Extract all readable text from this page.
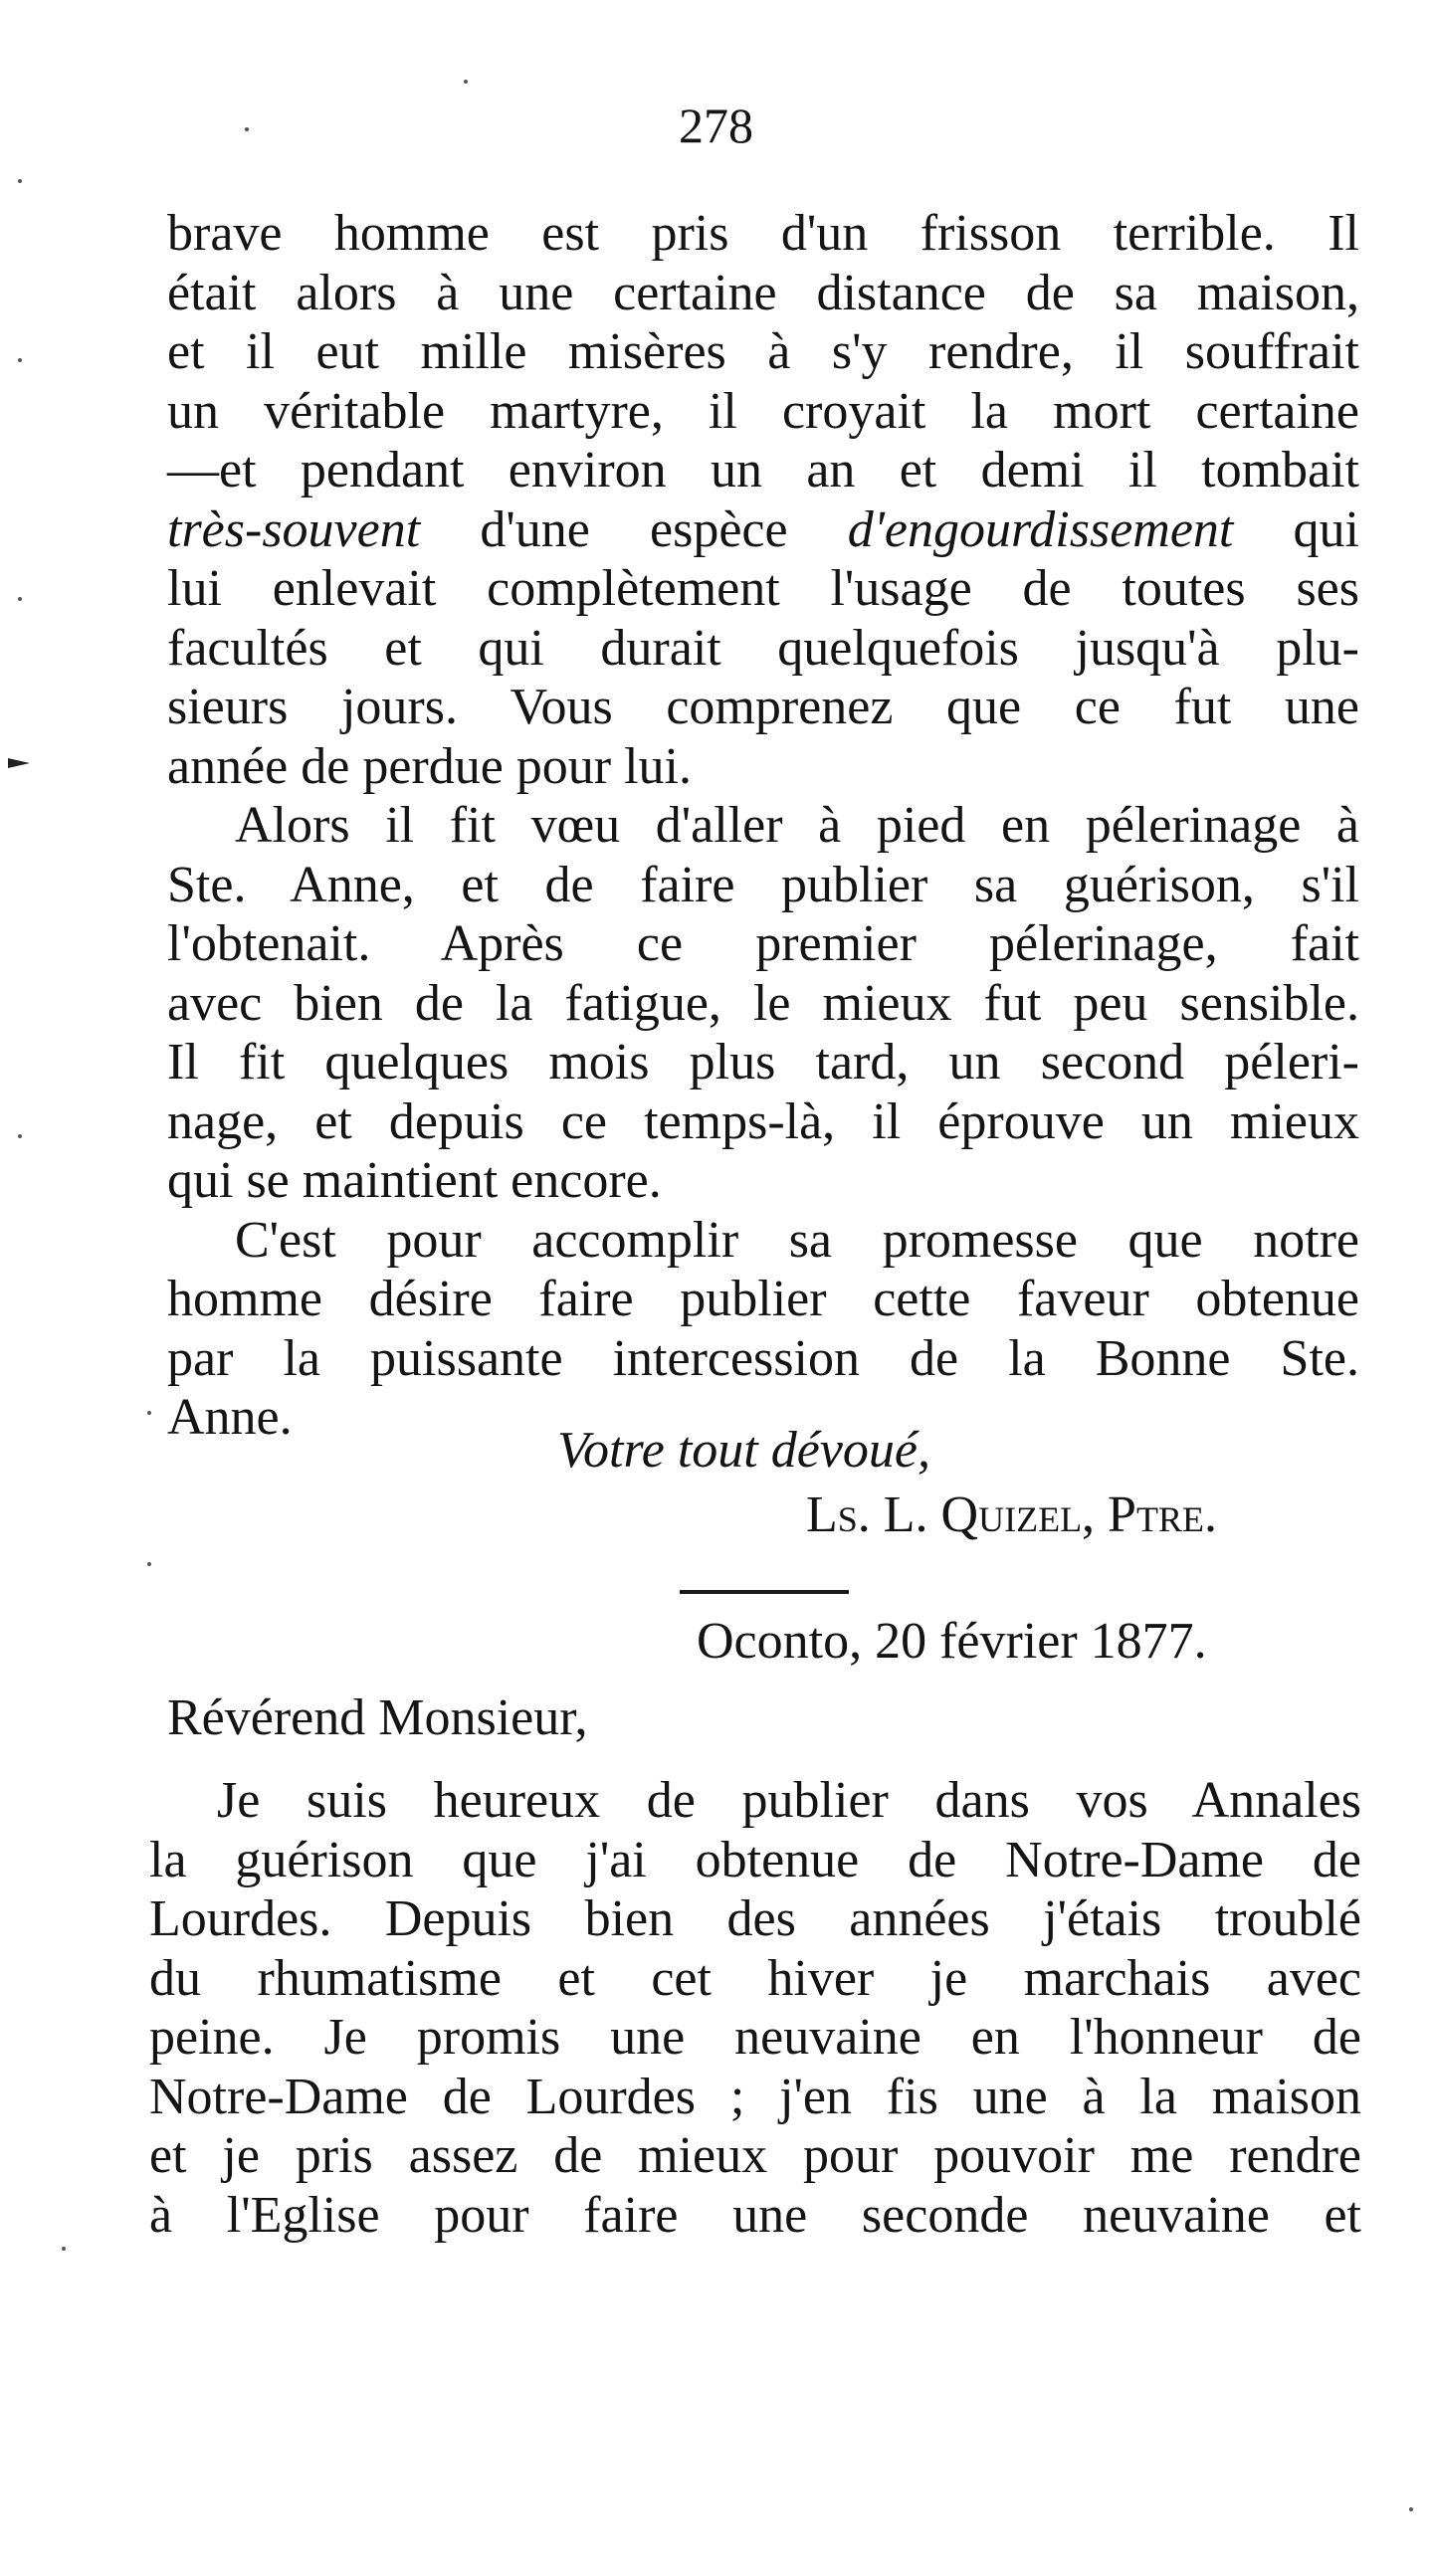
278
brave homme est pris d'un frisson terrible. Il
était alors à une certaine distance de sa maison,
et il eut mille misères à s'y rendre, il souffrait
un véritable martyre, il croyait la mort certaine
—et pendant environ un an et demi il tombait
très-souvent d'une espèce d'engourdissement qui
lui enlevait complètement l'usage de toutes ses
facultés et qui durait quelquefois jusqu'à plu-
sieurs jours. Vous comprenez que ce fut une
année de perdue pour lui.
Alors il fit vœu d'aller à pied en pélerinage à
Ste. Anne, et de faire publier sa guérison, s'il
l'obtenait. Après ce premier pélerinage, fait
avec bien de la fatigue, le mieux fut peu sensible.
Il fit quelques mois plus tard, un second péleri-
nage, et depuis ce temps-là, il éprouve un mieux
qui se maintient encore.
C'est pour accomplir sa promesse que notre
homme désire faire publier cette faveur obtenue
par la puissante intercession de la Bonne Ste.
Anne.
Votre tout dévoué,
Ls. L. Quizel, Ptre.
Oconto, 20 février 1877.
Révérend Monsieur,
Je suis heureux de publier dans vos Annales
la guérison que j'ai obtenue de Notre-Dame de
Lourdes. Depuis bien des années j'étais troublé
du rhumatisme et cet hiver je marchais avec
peine. Je promis une neuvaine en l'honneur de
Notre-Dame de Lourdes ; j'en fis une à la maison
et je pris assez de mieux pour pouvoir me rendre
à l'Eglise pour faire une seconde neuvaine et
